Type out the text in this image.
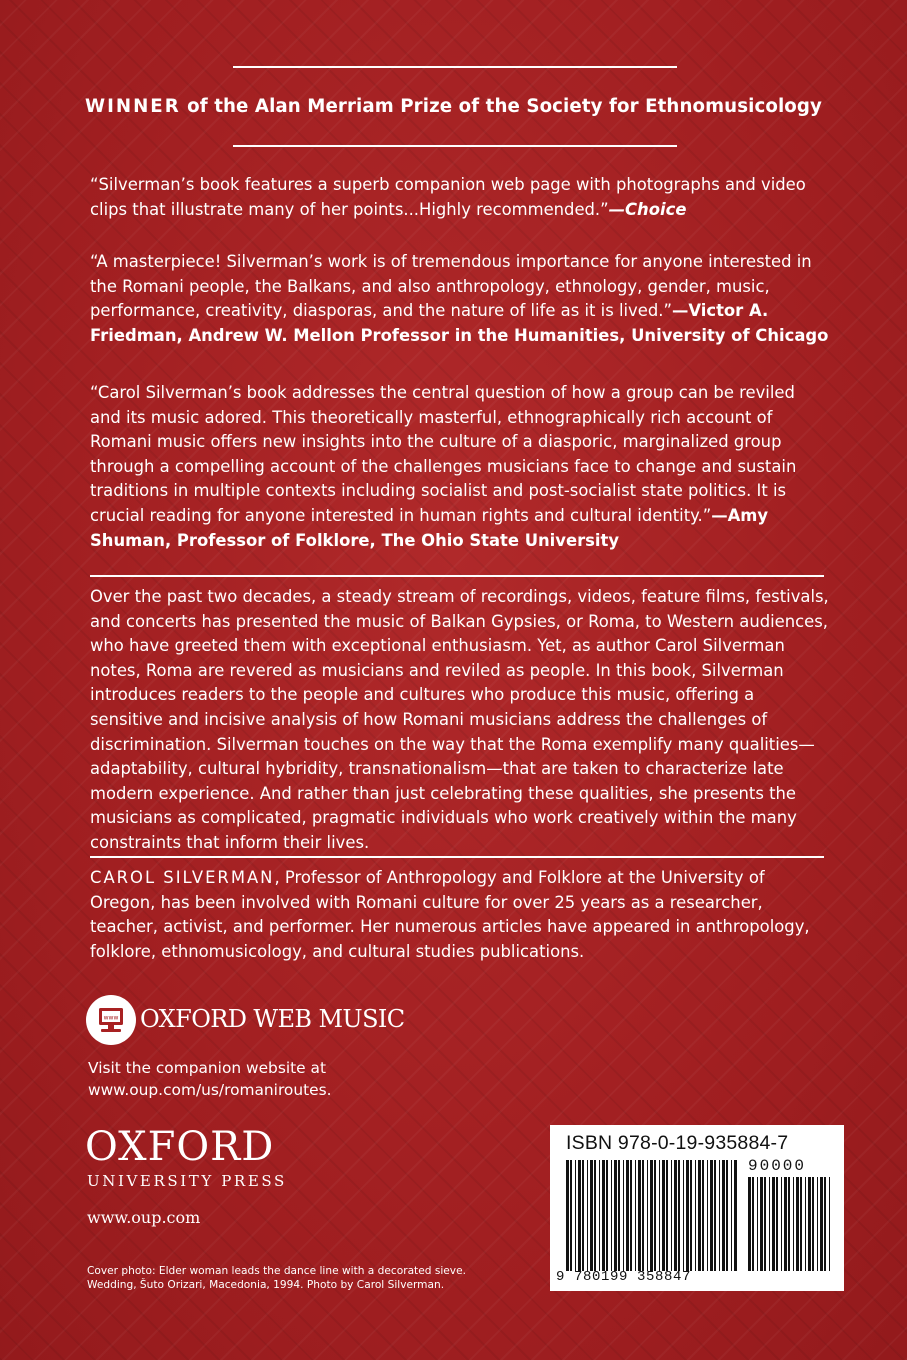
WINNER of the Alan Merriam Prize of the Society for Ethnomusicology

“Silverman’s book features a superb companion web page with photographs and video clips that illustrate many of her points...Highly recommended.”—Choice

“A masterpiece! Silverman’s work is of tremendous importance for anyone interested in the Romani people, the Balkans, and also anthropology, ethnology, gender, music, performance, creativity, diasporas, and the nature of life as it is lived.”—Victor A. Friedman, Andrew W. Mellon Professor in the Humanities, University of Chicago

“Carol Silverman’s book addresses the central question of how a group can be reviled and its music adored. This theoretically masterful, ethnographically rich account of Romani music offers new insights into the culture of a diasporic, marginalized group through a compelling account of the challenges musicians face to change and sustain traditions in multiple contexts including socialist and post-socialist state politics. It is crucial reading for anyone interested in human rights and cultural identity.”—Amy Shuman, Professor of Folklore, The Ohio State University

Over the past two decades, a steady stream of recordings, videos, feature films, festivals, and concerts has presented the music of Balkan Gypsies, or Roma, to Western audiences, who have greeted them with exceptional enthusiasm. Yet, as author Carol Silverman notes, Roma are revered as musicians and reviled as people. In this book, Silverman introduces readers to the people and cultures who produce this music, offering a sensitive and incisive analysis of how Romani musicians address the challenges of discrimination. Silverman touches on the way that the Roma exemplify many qualities—adaptability, cultural hybridity, transnationalism—that are taken to characterize late modern experience. And rather than just celebrating these qualities, she presents the musicians as complicated, pragmatic individuals who work creatively within the many constraints that inform their lives.

CAROL SILVERMAN, Professor of Anthropology and Folklore at the University of Oregon, has been involved with Romani culture for over 25 years as a researcher, teacher, activist, and performer. Her numerous articles have appeared in anthropology, folklore, ethnomusicology, and cultural studies publications.

www OXFORD WEB MUSIC
Visit the companion website at
www.oup.com/us/romaniroutes.
OXFORD
UNIVERSITY PRESS
www.oup.com
Cover photo: Elder woman leads the dance line with a decorated sieve.
Wedding, Šuto Orizari, Macedonia, 1994. Photo by Carol Silverman.
ISBN 978-0-19-935884-7
90000
9 780199 358847
